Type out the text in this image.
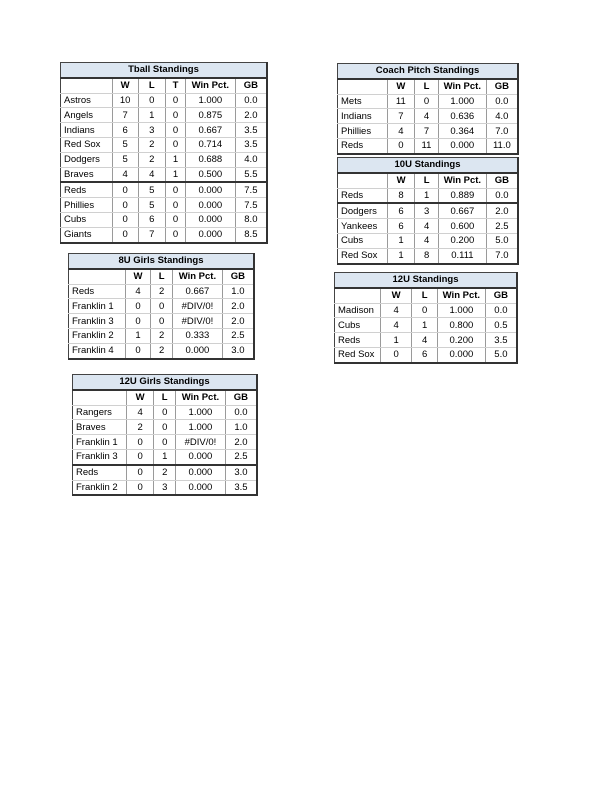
Tball Standings					
	W	L	T	Win Pct.	GB
Astros	10	0	0	1.000	0.0
Angels	7	1	0	0.875	2.0
Indians	6	3	0	0.667	3.5
Red Sox	5	2	0	0.714	3.5
Dodgers	5	2	1	0.688	4.0
Braves	4	4	1	0.500	5.5
Reds	0	5	0	0.000	7.5
Phillies	0	5	0	0.000	7.5
Cubs	0	6	0	0.000	8.0
Giants	0	7	0	0.000	8.5
Coach Pitch Standings				
	W	L	Win Pct.	GB
Mets	11	0	1.000	0.0
Indians	7	4	0.636	4.0
Phillies	4	7	0.364	7.0
Reds	0	11	0.000	11.0
10U Standings				
	W	L	Win Pct.	GB
Reds	8	1	0.889	0.0
Dodgers	6	3	0.667	2.0
Yankees	6	4	0.600	2.5
Cubs	1	4	0.200	5.0
Red Sox	1	8	0.111	7.0
8U Girls Standings				
	W	L	Win Pct.	GB
Reds	4	2	0.667	1.0
Franklin 1	0	0	#DIV/0!	2.0
Franklin 3	0	0	#DIV/0!	2.0
Franklin 2	1	2	0.333	2.5
Franklin 4	0	2	0.000	3.0
12U Standings				
	W	L	Win Pct.	GB
Madison	4	0	1.000	0.0
Cubs	4	1	0.800	0.5
Reds	1	4	0.200	3.5
Red Sox	0	6	0.000	5.0
12U Girls Standings				
	W	L	Win Pct.	GB
Rangers	4	0	1.000	0.0
Braves	2	0	1.000	1.0
Franklin 1	0	0	#DIV/0!	2.0
Franklin 3	0	1	0.000	2.5
Reds	0	2	0.000	3.0
Franklin 2	0	3	0.000	3.5
